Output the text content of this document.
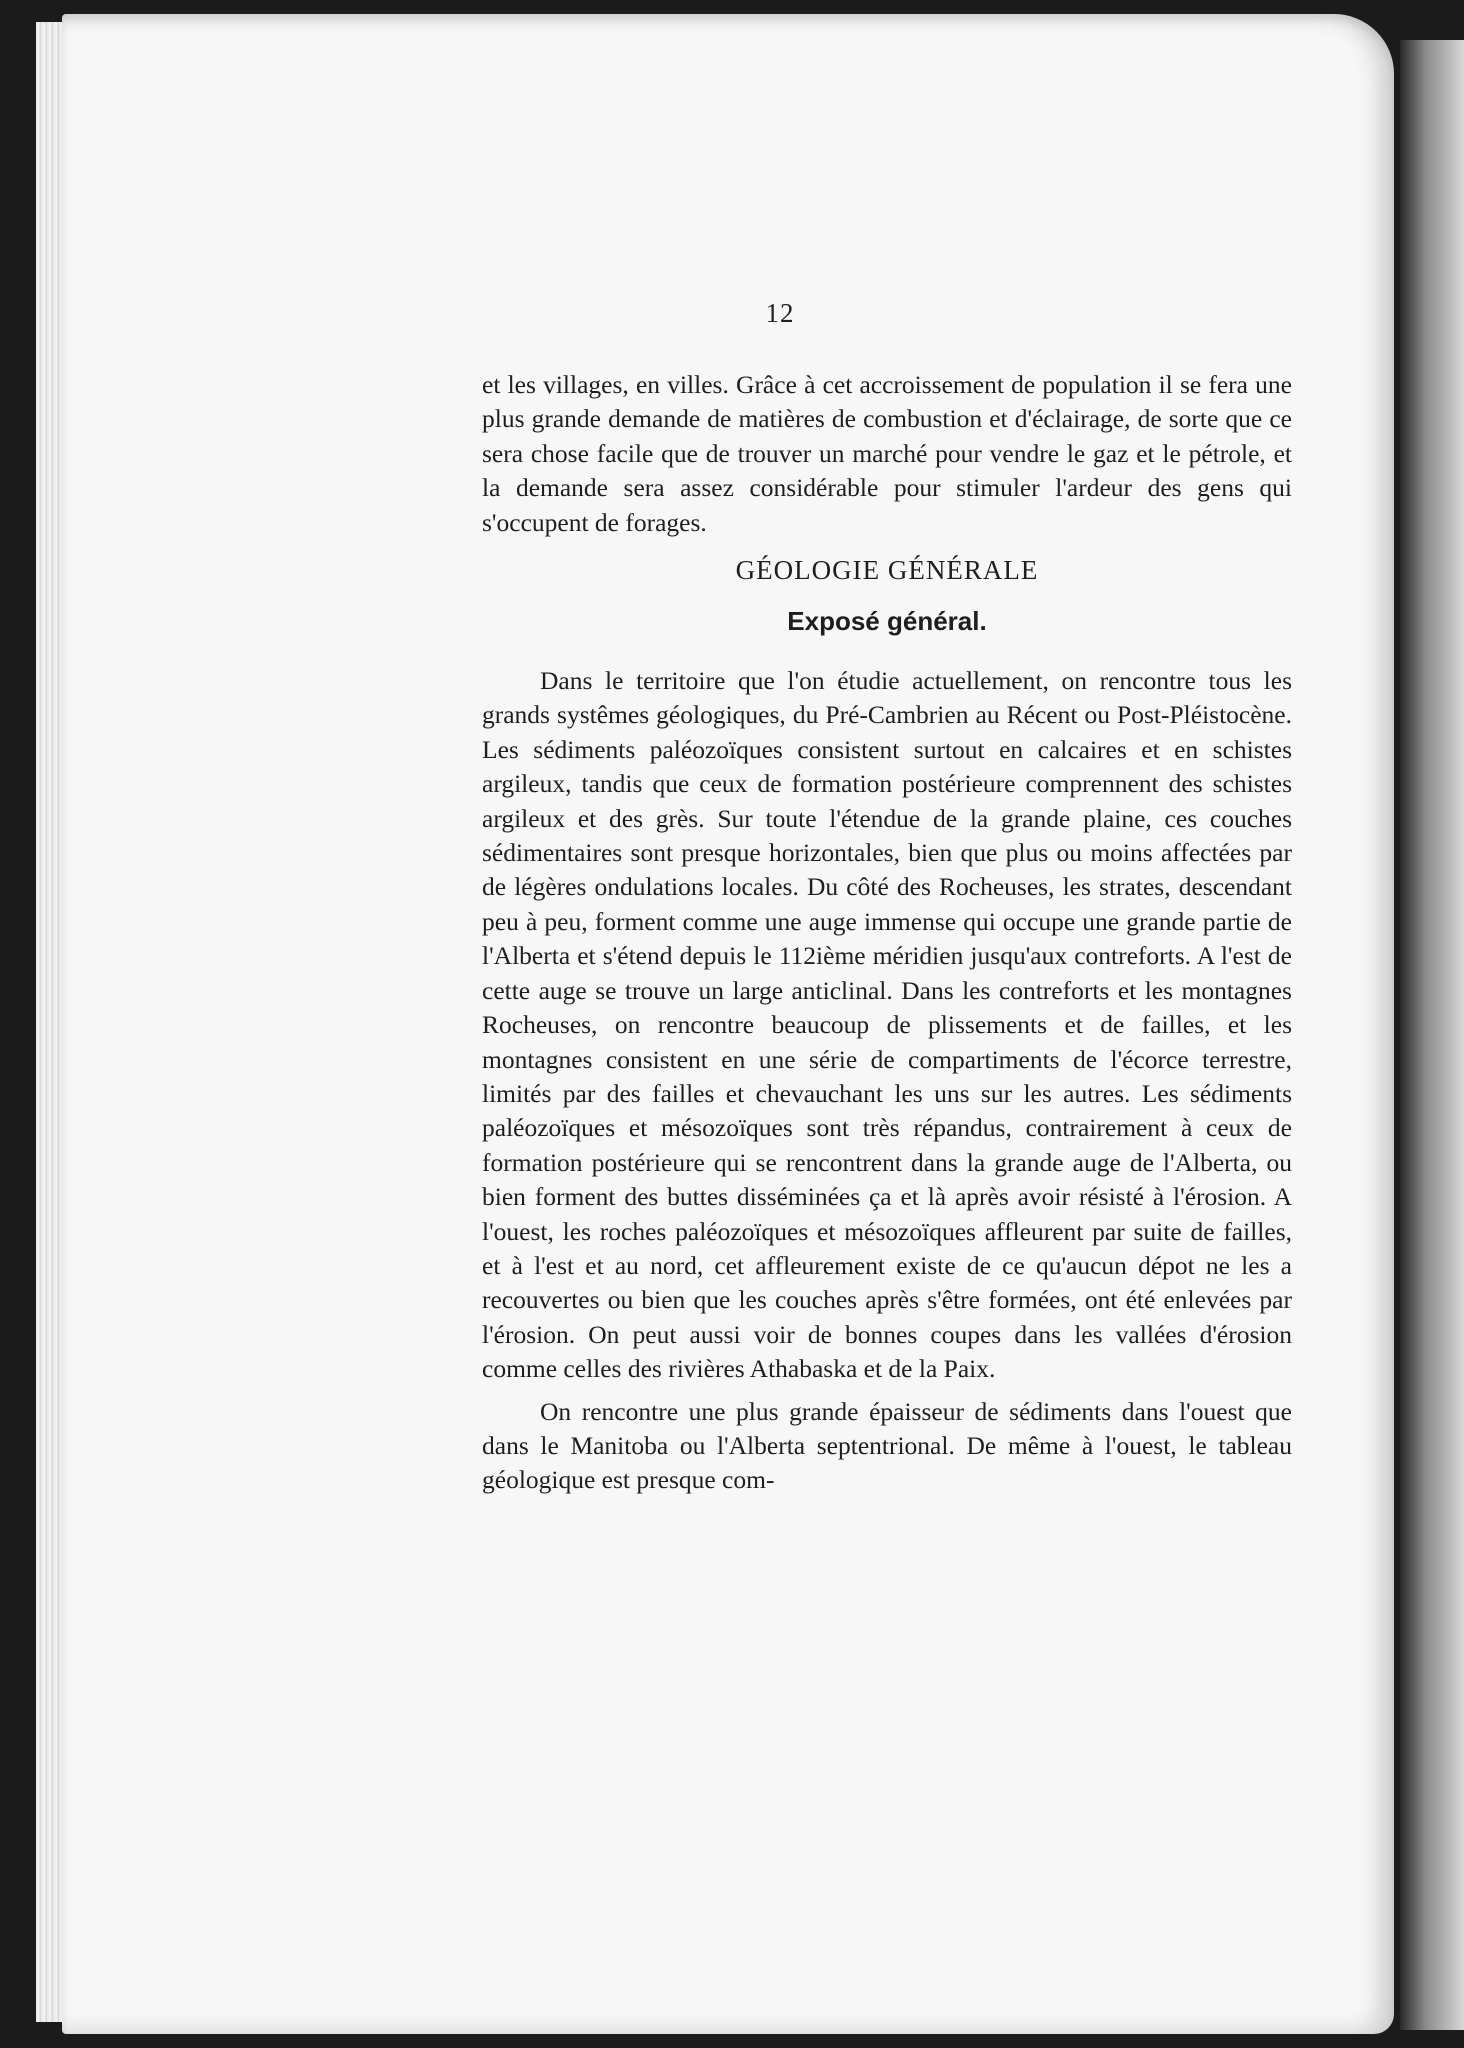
12

et les villages, en villes. Grâce à cet accroissement de population il se fera une plus grande demande de matières de combustion et d'éclairage, de sorte que ce sera chose facile que de trouver un marché pour vendre le gaz et le pétrole, et la demande sera assez considérable pour stimuler l'ardeur des gens qui s'occupent de forages.

GÉOLOGIE GÉNÉRALE
Exposé général.

Dans le territoire que l'on étudie actuellement, on rencontre tous les grands systêmes géologiques, du Pré-Cambrien au Récent ou Post-Pléistocène. Les sédiments paléozoïques consistent surtout en calcaires et en schistes argileux, tandis que ceux de formation postérieure comprennent des schistes argileux et des grès. Sur toute l'étendue de la grande plaine, ces couches sédimentaires sont presque horizontales, bien que plus ou moins affectées par de légères ondulations locales. Du côté des Rocheuses, les strates, descendant peu à peu, forment comme une auge immense qui occupe une grande partie de l'Alberta et s'étend depuis le 112ième méridien jusqu'aux contreforts. A l'est de cette auge se trouve un large anticlinal. Dans les contreforts et les montagnes Rocheuses, on rencontre beaucoup de plissements et de failles, et les montagnes consistent en une série de compartiments de l'écorce terrestre, limités par des failles et chevauchant les uns sur les autres. Les sédiments paléozoïques et mésozoïques sont très répandus, contrairement à ceux de formation postérieure qui se rencontrent dans la grande auge de l'Alberta, ou bien forment des buttes disséminées ça et là après avoir résisté à l'érosion. A l'ouest, les roches paléozoïques et mésozoïques affleurent par suite de failles, et à l'est et au nord, cet affleurement existe de ce qu'aucun dépot ne les a recouvertes ou bien que les couches après s'être formées, ont été enlevées par l'érosion. On peut aussi voir de bonnes coupes dans les vallées d'érosion comme celles des rivières Athabaska et de la Paix.

On rencontre une plus grande épaisseur de sédiments dans l'ouest que dans le Manitoba ou l'Alberta septentrional. De même à l'ouest, le tableau géologique est presque com-
